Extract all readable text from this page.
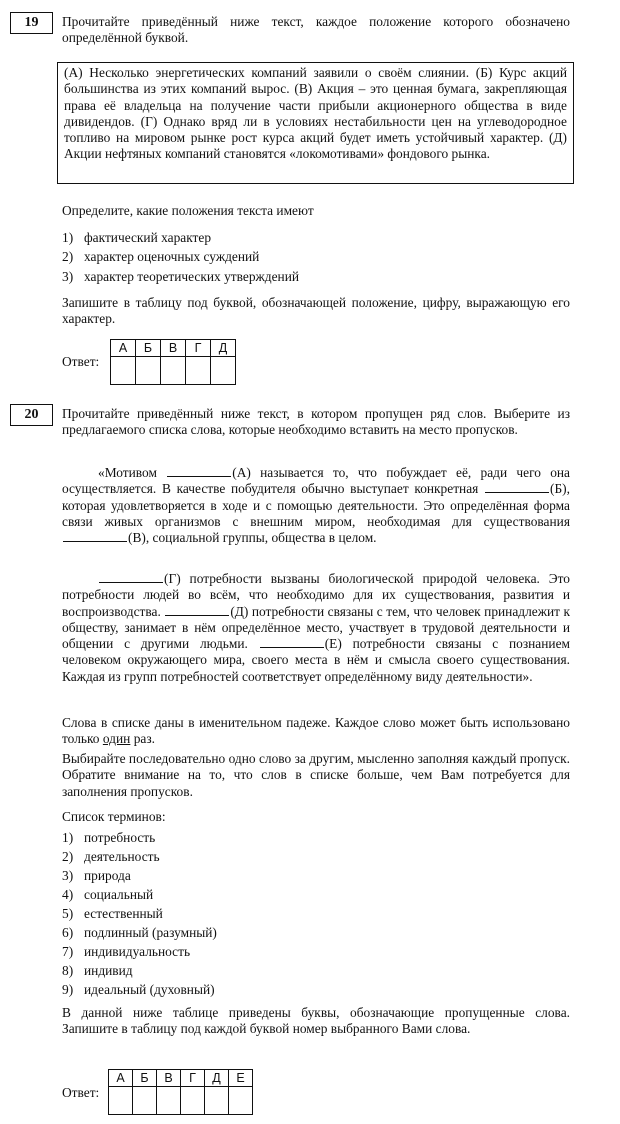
19	Прочитайте приведённый ниже текст, каждое положение которого обозначено определённой буквой.

(А) Несколько энергетических компаний заявили о своём слиянии. (Б) Курс акций большинства из этих компаний вырос. (В) Акция – это ценная бумага, закрепляющая права её владельца на получение части прибыли акционерного общества в виде дивидендов. (Г) Однако вряд ли в условиях нестабильности цен на углеводородное топливо на мировом рынке рост курса акций будет иметь устойчивый характер. (Д) Акции нефтяных компаний становятся «локомотивами» фондового рынка.

Определите, какие положения текста имеют

1) фактический характер
2) характер оценочных суждений
3) характер теоретических утверждений

Запишите в таблицу под буквой, обозначающей положение, цифру, выражающую его характер.

Ответ:
А	Б	В	Г	Д

20	Прочитайте приведённый ниже текст, в котором пропущен ряд слов. Выберите из предлагаемого списка слова, которые необходимо вставить на место пропусков.

«Мотивом	(А) называется то, что побуждает её, ради чего она осуществляется. В качестве побудителя обычно выступает конкретная	(Б), которая удовлетворяется в ходе и с помощью деятельности. Это определённая форма связи живых организмов с внешним миром, необходимая для существования (В), социальной группы, общества в целом.

(Г) потребности вызваны биологической природой человека. Это потребности людей во всём, что необходимо для их существования, развития и воспроизводства.	(Д) потребности связаны с тем, что человек принадлежит к обществу, занимает в нём определённое место, участвует в трудовой деятельности и общении с другими людьми.	(Е) потребности связаны с познанием человеком окружающего мира, своего места в нём и смысла своего существования. Каждая из групп потребностей соответствует определённому виду деятельности».

Слова в списке даны в именительном падеже. Каждое слово может быть использовано только один раз.

Выбирайте последовательно одно слово за другим, мысленно заполняя каждый пропуск. Обратите внимание на то, что слов в списке больше, чем Вам потребуется для заполнения пропусков.

Список терминов:

1) потребность
2) деятельность
3) природа
4) социальный
5) естественный
6) подлинный (разумный)
7) индивидуальность
8) индивид
9) идеальный (духовный)

В данной ниже таблице приведены буквы, обозначающие пропущенные слова. Запишите в таблицу под каждой буквой номер выбранного Вами слова.

Ответ:
А	Б	В	Г	Д	Е
